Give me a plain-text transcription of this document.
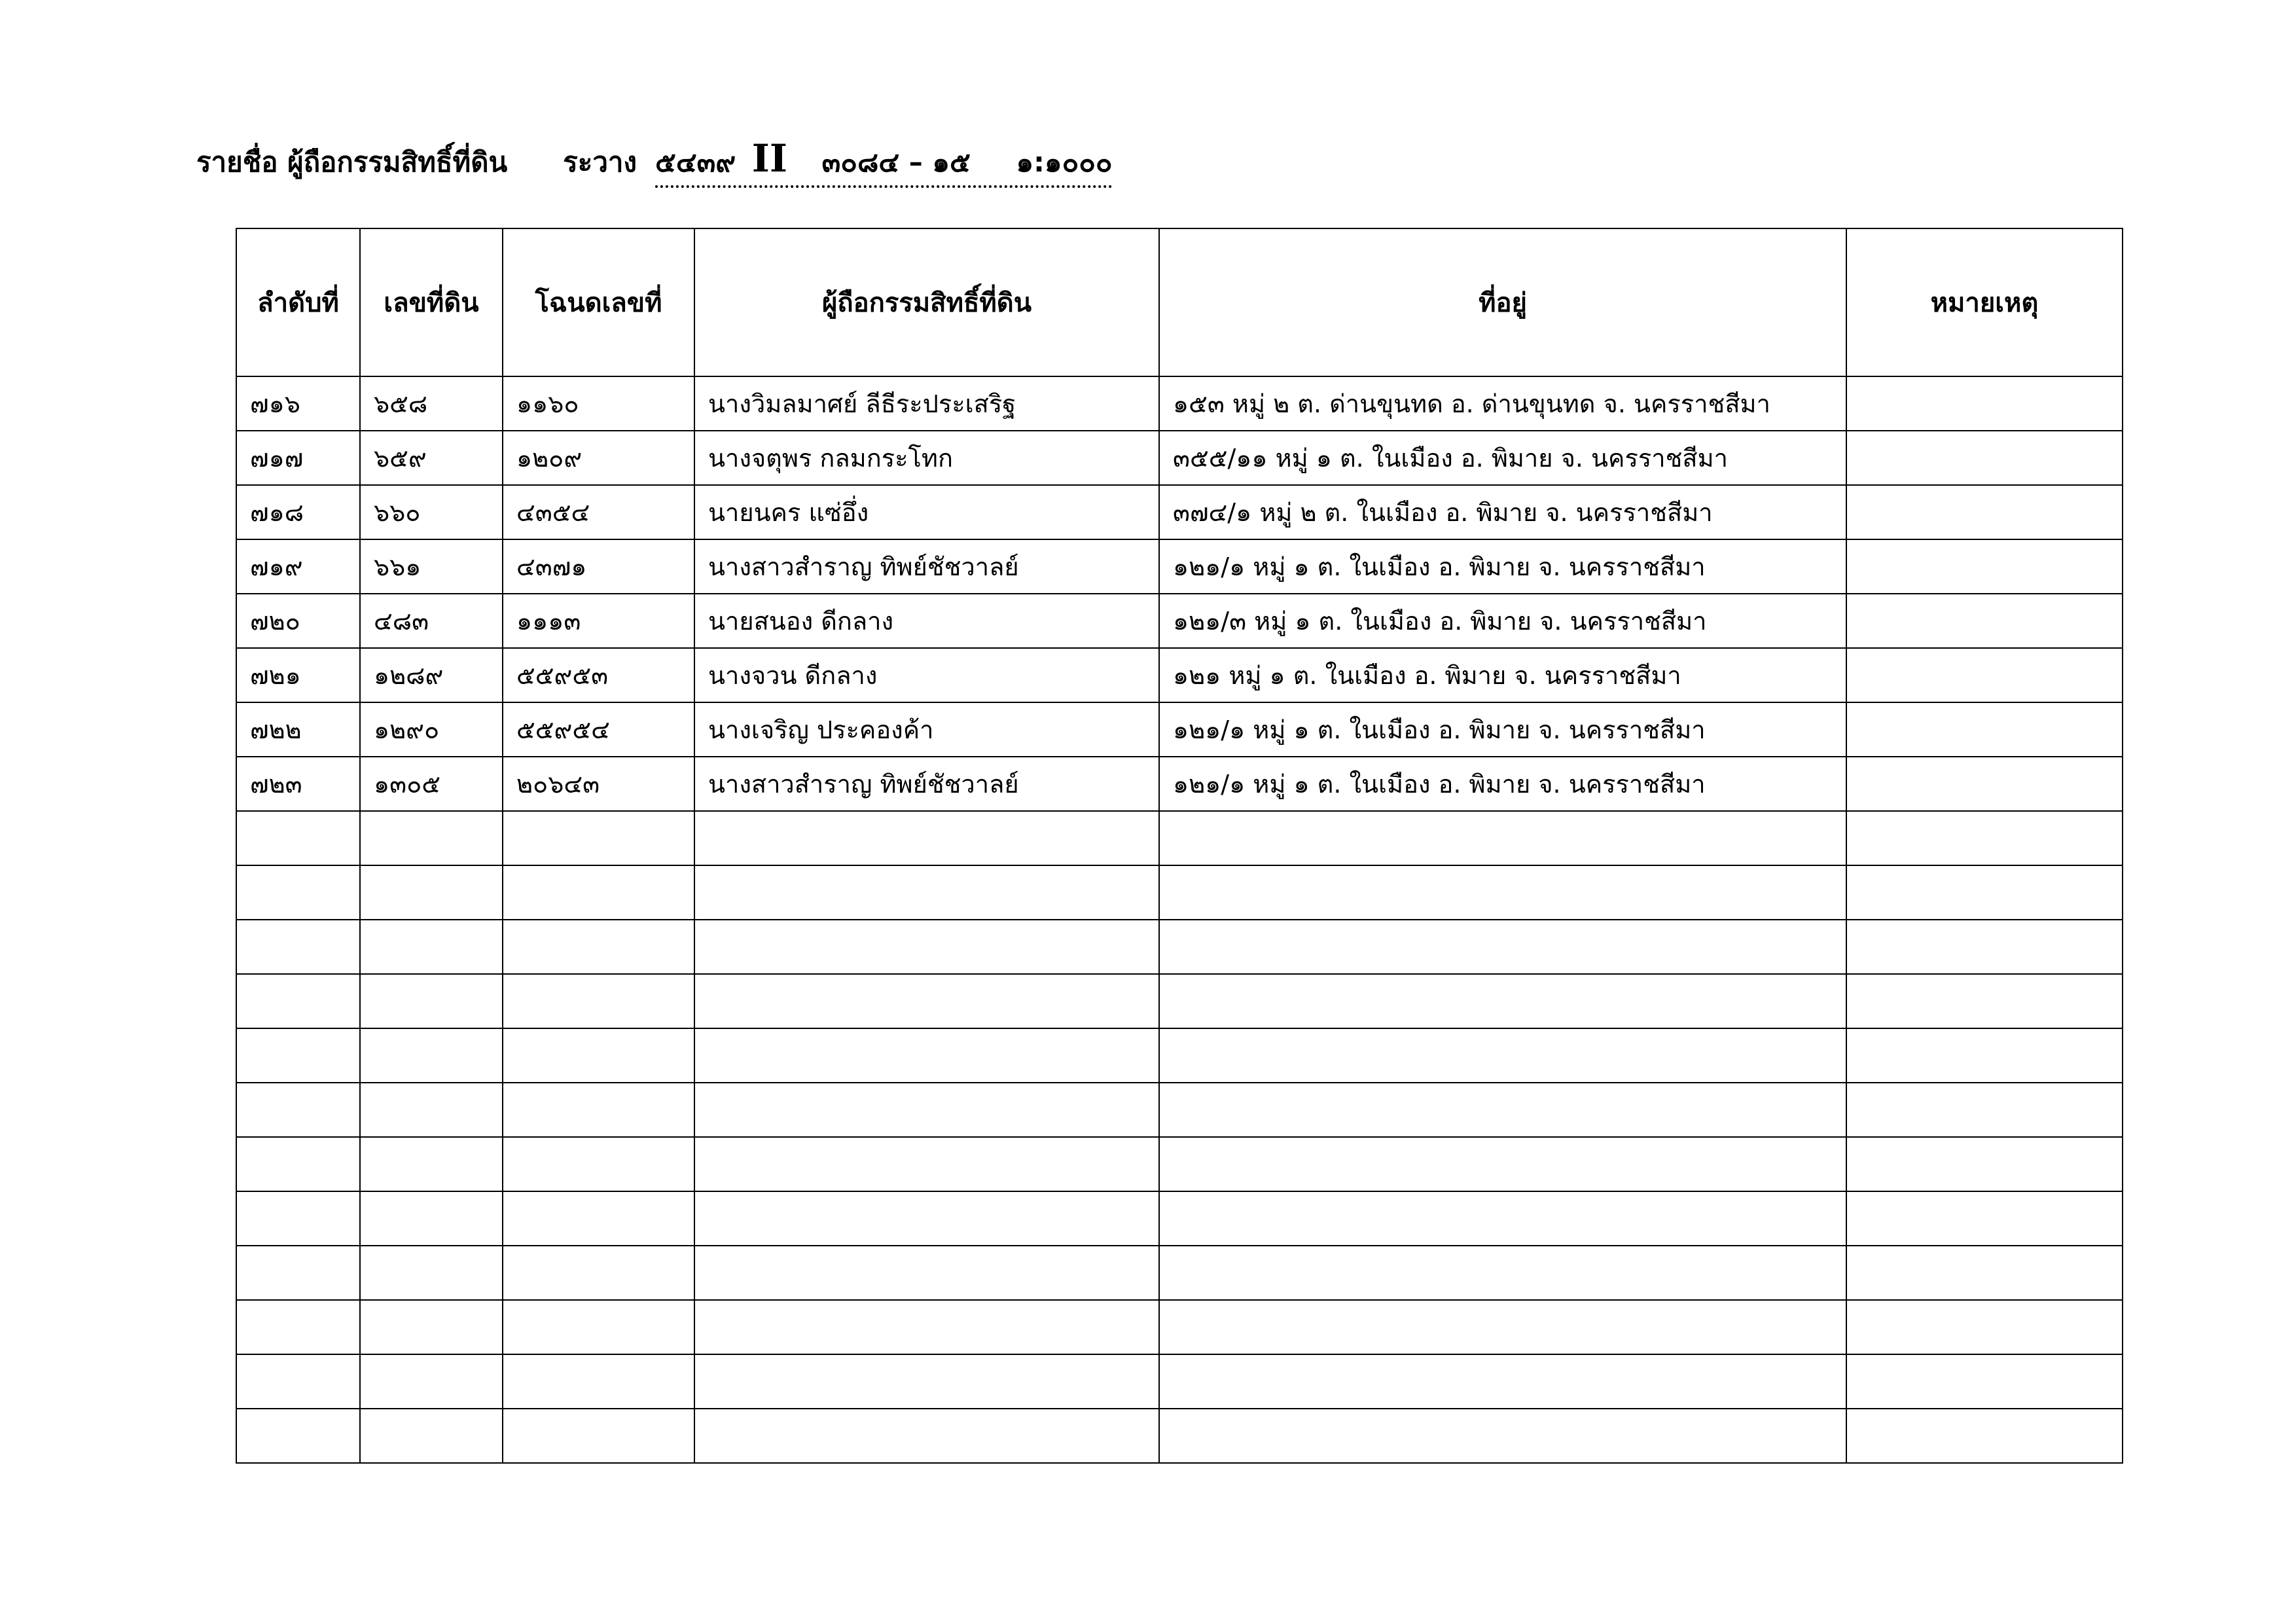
รายชื่อ ผู้ถือกรรมสิทธิ์ที่ดิน ระวาง ๕๔๓๙ II ๓๐๘๔ – ๑๕ ๑:๑๐๐๐
ลำดับที่	เลขที่ดิน	โฉนดเลขที่	ผู้ถือกรรมสิทธิ์ที่ดิน	ที่อยู่	หมายเหตุ
๗๑๖	๖๕๘	๑๑๖๐	นางวิมลมาศย์ ลีธีระประเสริฐ	๑๕๓ หมู่ ๒ ต. ด่านขุนทด อ. ด่านขุนทด จ. นครราชสีมา	
๗๑๗	๖๕๙	๑๒๐๙	นางจตุพร กลมกระโทก	๓๕๕/๑๑ หมู่ ๑ ต. ในเมือง อ. พิมาย จ. นครราชสีมา	
๗๑๘	๖๖๐	๔๓๕๔	นายนคร แซ่อึ่ง	๓๗๔/๑ หมู่ ๒ ต. ในเมือง อ. พิมาย จ. นครราชสีมา	
๗๑๙	๖๖๑	๔๓๗๑	นางสาวสำราญ ทิพย์ชัชวาลย์	๑๒๑/๑ หมู่ ๑ ต. ในเมือง อ. พิมาย จ. นครราชสีมา	
๗๒๐	๔๘๓	๑๑๑๓	นายสนอง ดีกลาง	๑๒๑/๓ หมู่ ๑ ต. ในเมือง อ. พิมาย จ. นครราชสีมา	
๗๒๑	๑๒๘๙	๕๕๙๕๓	นางจวน ดีกลาง	๑๒๑ หมู่ ๑ ต. ในเมือง อ. พิมาย จ. นครราชสีมา	
๗๒๒	๑๒๙๐	๕๕๙๕๔	นางเจริญ ประคองค้า	๑๒๑/๑ หมู่ ๑ ต. ในเมือง อ. พิมาย จ. นครราชสีมา	
๗๒๓	๑๓๐๕	๒๐๖๔๓	นางสาวสำราญ ทิพย์ชัชวาลย์	๑๒๑/๑ หมู่ ๑ ต. ในเมือง อ. พิมาย จ. นครราชสีมา	
